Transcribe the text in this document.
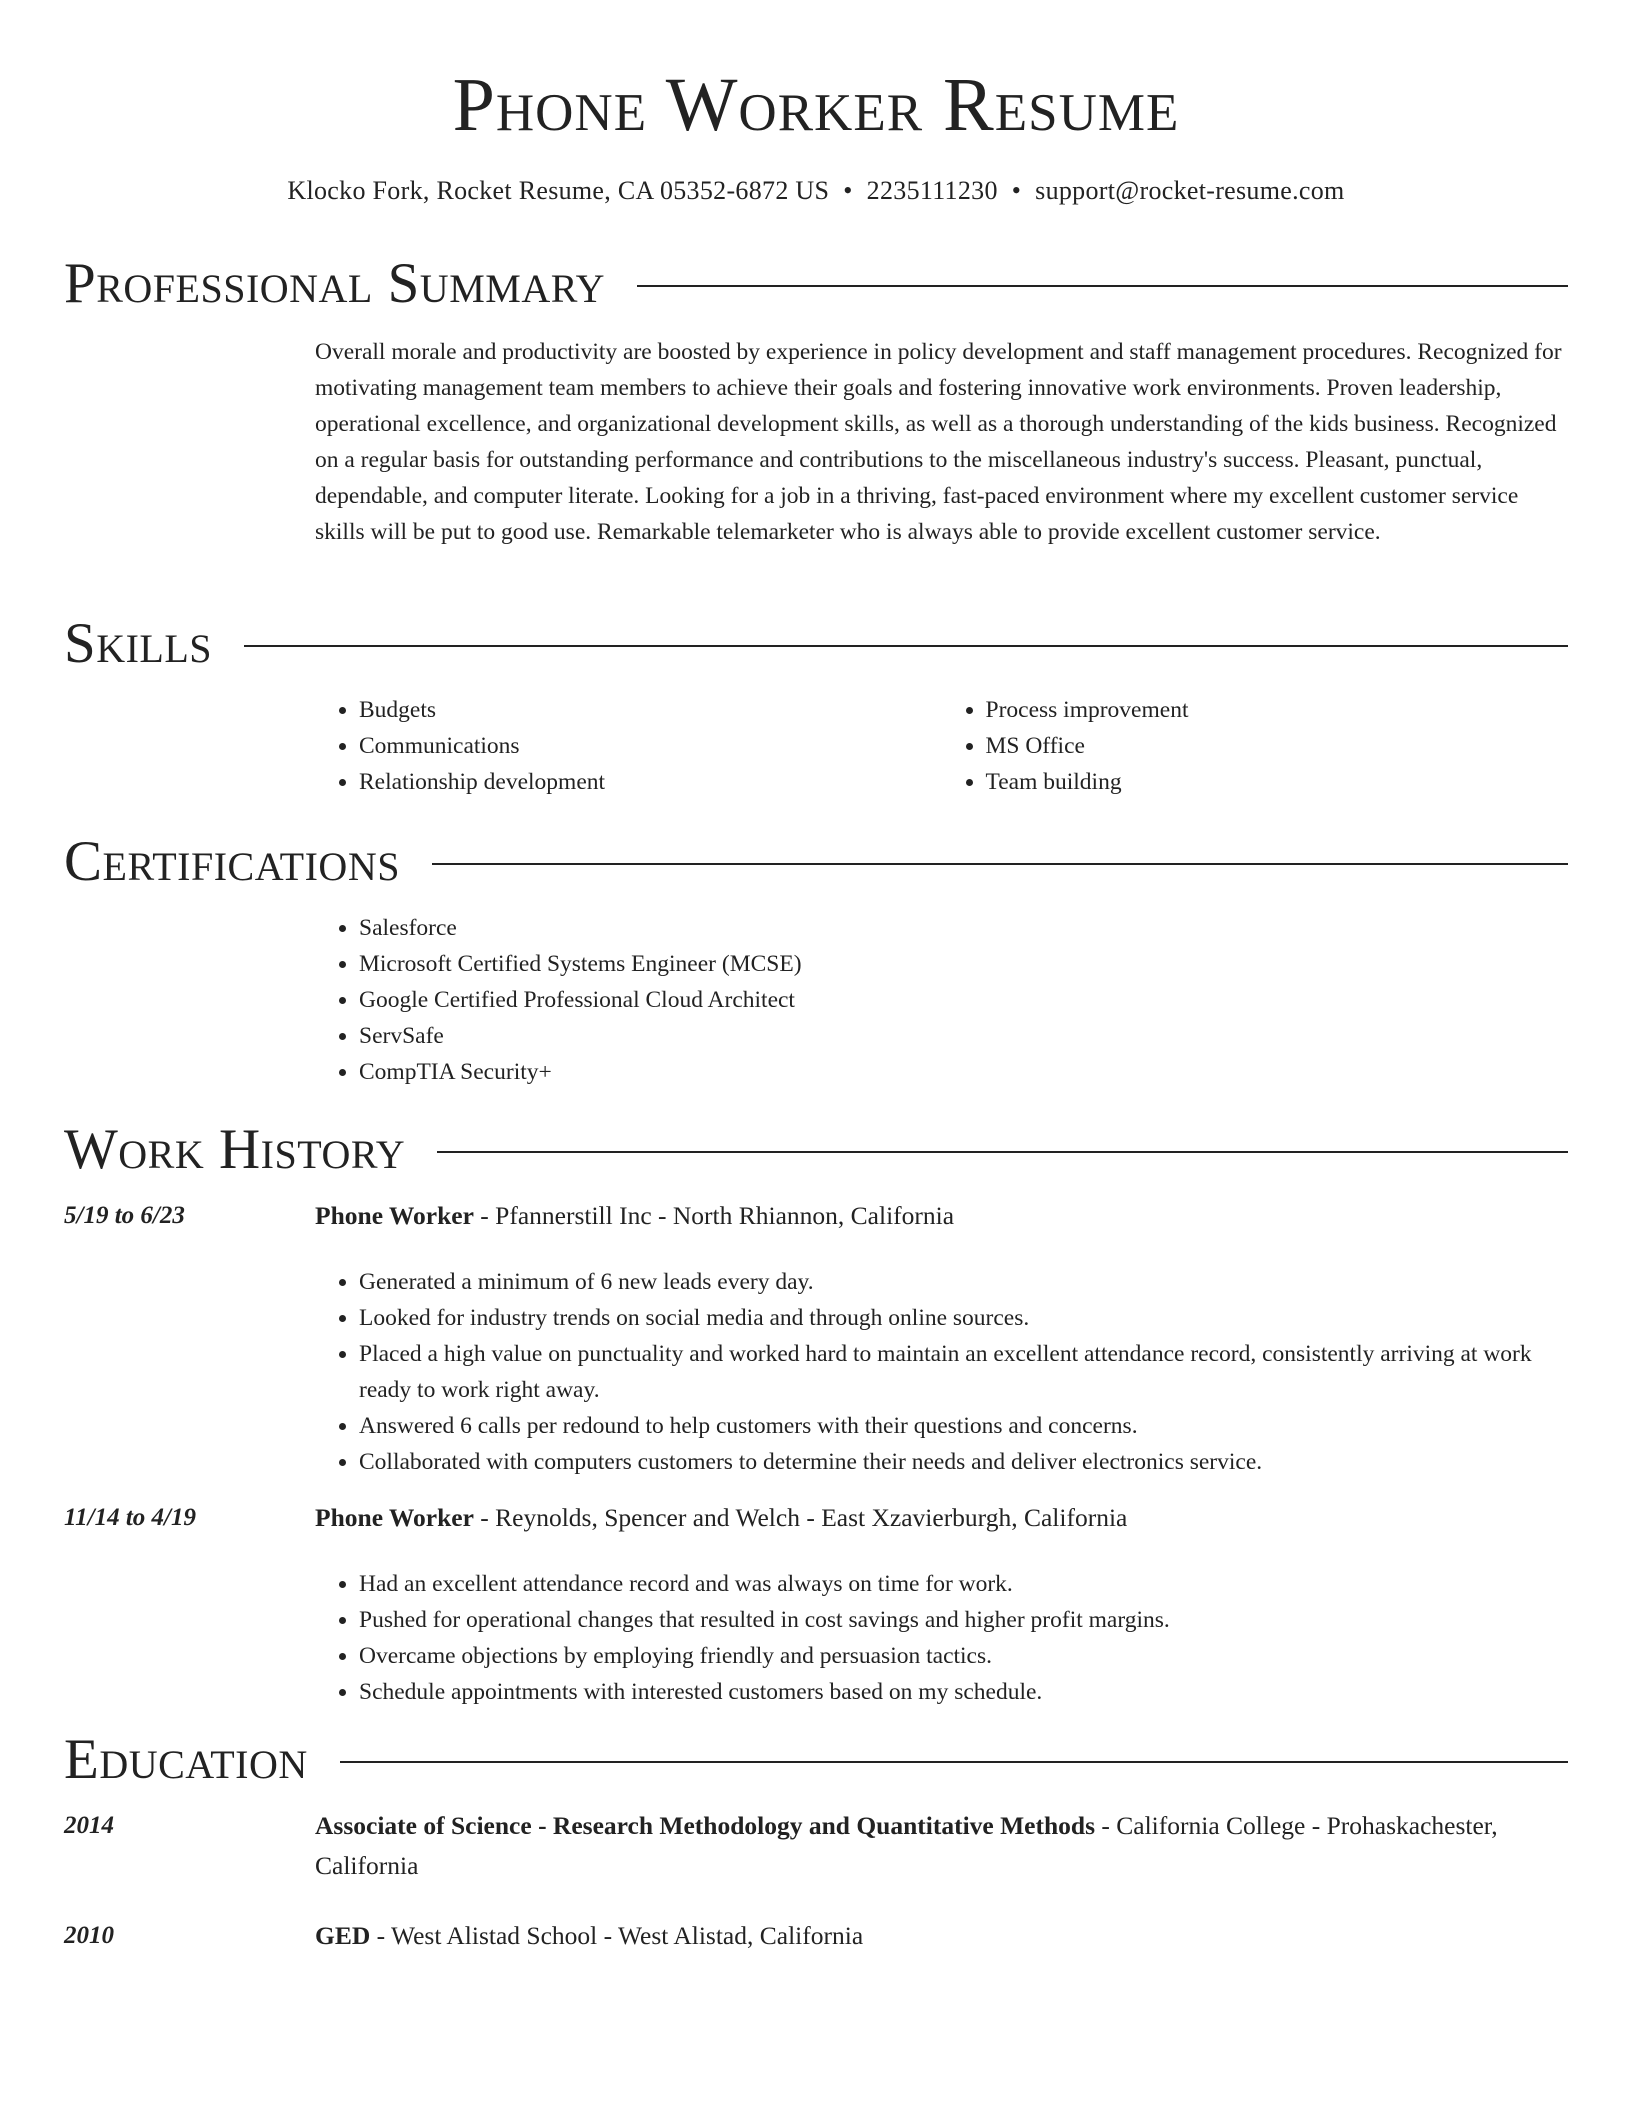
Phone Worker Resume
Klocko Fork, Rocket Resume, CA 05352-6872 US • 2235111230 • support@rocket-resume.com
Professional Summary

Overall morale and productivity are boosted by experience in policy development and staff management procedures. Recognized for motivating management team members to achieve their goals and fostering innovative work environments. Proven leadership, operational excellence, and organizational development skills, as well as a thorough understanding of the kids business. Recognized on a regular basis for outstanding performance and contributions to the miscellaneous industry's success. Pleasant, punctual, dependable, and computer literate. Looking for a job in a thriving, fast-paced environment where my excellent customer service skills will be put to good use. Remarkable telemarketer who is always able to provide excellent customer service.

Skills
• Budgets
• Communications
• Relationship development
• Process improvement
• MS Office
• Team building
Certifications
• Salesforce
• Microsoft Certified Systems Engineer (MCSE)
• Google Certified Professional Cloud Architect
• ServSafe
• CompTIA Security+
Work History
5/19 to 6/23	Phone Worker - Pfannerstill Inc - North Rhiannon, California
• Generated a minimum of 6 new leads every day.
• Looked for industry trends on social media and through online sources.
• Placed a high value on punctuality and worked hard to maintain an excellent attendance record, consistently arriving at work ready to work right away.
• Answered 6 calls per redound to help customers with their questions and concerns.
• Collaborated with computers customers to determine their needs and deliver electronics service.
11/14 to 4/19	Phone Worker - Reynolds, Spencer and Welch - East Xzavierburgh, California
• Had an excellent attendance record and was always on time for work.
• Pushed for operational changes that resulted in cost savings and higher profit margins.
• Overcame objections by employing friendly and persuasion tactics.
• Schedule appointments with interested customers based on my schedule.
Education
2014	Associate of Science - Research Methodology and Quantitative Methods - California College - Prohaskachester, California
2010	GED - West Alistad School - West Alistad, California
